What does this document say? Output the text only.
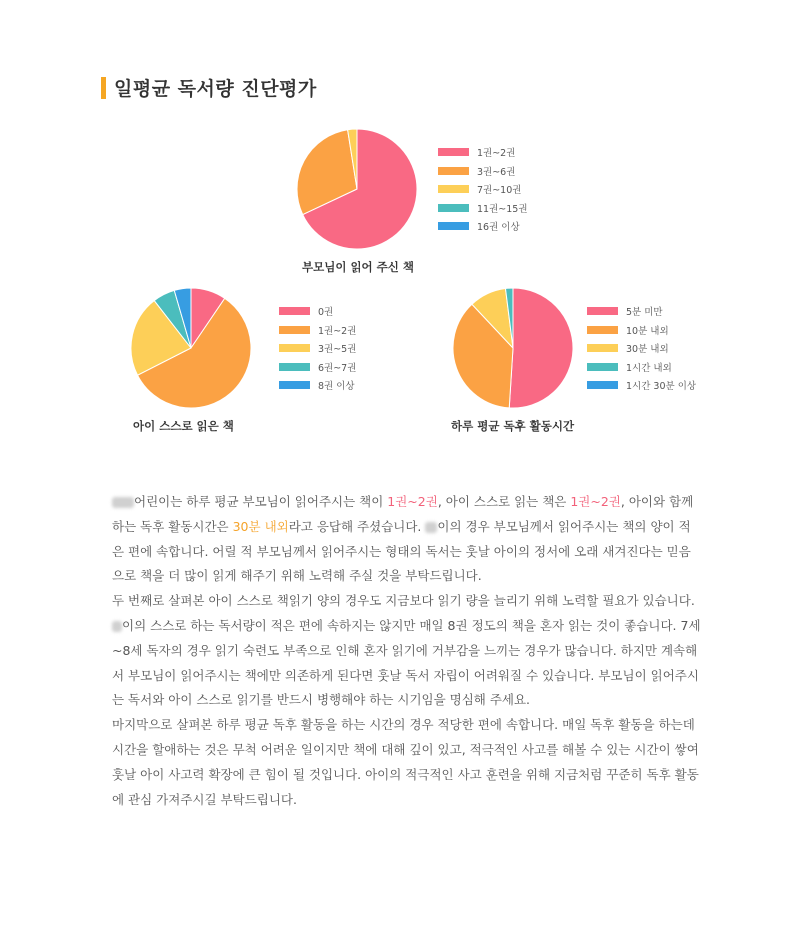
일평균 독서량 진단평가
1권~2권
3권~6권
7권~10권
11권~15권
16권 이상
부모님이 읽어 주신 책
0권
1권~2권
3권~5권
6권~7권
8권 이상
아이 스스로 읽은 책
5분 미만
10분 내외
30분 내외
1시간 내외
1시간 30분 이상
하루 평균 독후 활동시간

어린이는 하루 평균 부모님이 읽어주시는 책이 1권~2권, 아이 스스로 읽는 책은 1권~2권, 아이와 함께하는 독후 활동시간은 30분 내외라고 응답해 주셨습니다. 이의 경우 부모님께서 읽어주시는 책의 양이 적은 편에 속합니다. 어릴 적 부모님께서 읽어주시는 형태의 독서는 훗날 아이의 정서에 오래 새겨진다는 믿음으로 책을 더 많이 읽게 해주기 위해 노력해 주실 것을 부탁드립니다.

두 번째로 살펴본 아이 스스로 책읽기 양의 경우도 지금보다 읽기 량을 늘리기 위해 노력할 필요가 있습니다. 이의 스스로 하는 독서량이 적은 편에 속하지는 않지만 매일 8권 정도의 책을 혼자 읽는 것이 좋습니다. 7세~8세 독자의 경우 읽기 숙련도 부족으로 인해 혼자 읽기에 거부감을 느끼는 경우가 많습니다. 하지만 계속해서 부모님이 읽어주시는 책에만 의존하게 된다면 훗날 독서 자립이 어려워질 수 있습니다. 부모님이 읽어주시는 독서와 아이 스스로 읽기를 반드시 병행해야 하는 시기임을 명심해 주세요.

마지막으로 살펴본 하루 평균 독후 활동을 하는 시간의 경우 적당한 편에 속합니다. 매일 독후 활동을 하는데 시간을 할애하는 것은 무척 어려운 일이지만 책에 대해 깊이 있고, 적극적인 사고를 해볼 수 있는 시간이 쌓여 훗날 아이 사고력 확장에 큰 힘이 될 것입니다. 아이의 적극적인 사고 훈련을 위해 지금처럼 꾸준히 독후 활동에 관심 가져주시길 부탁드립니다.
